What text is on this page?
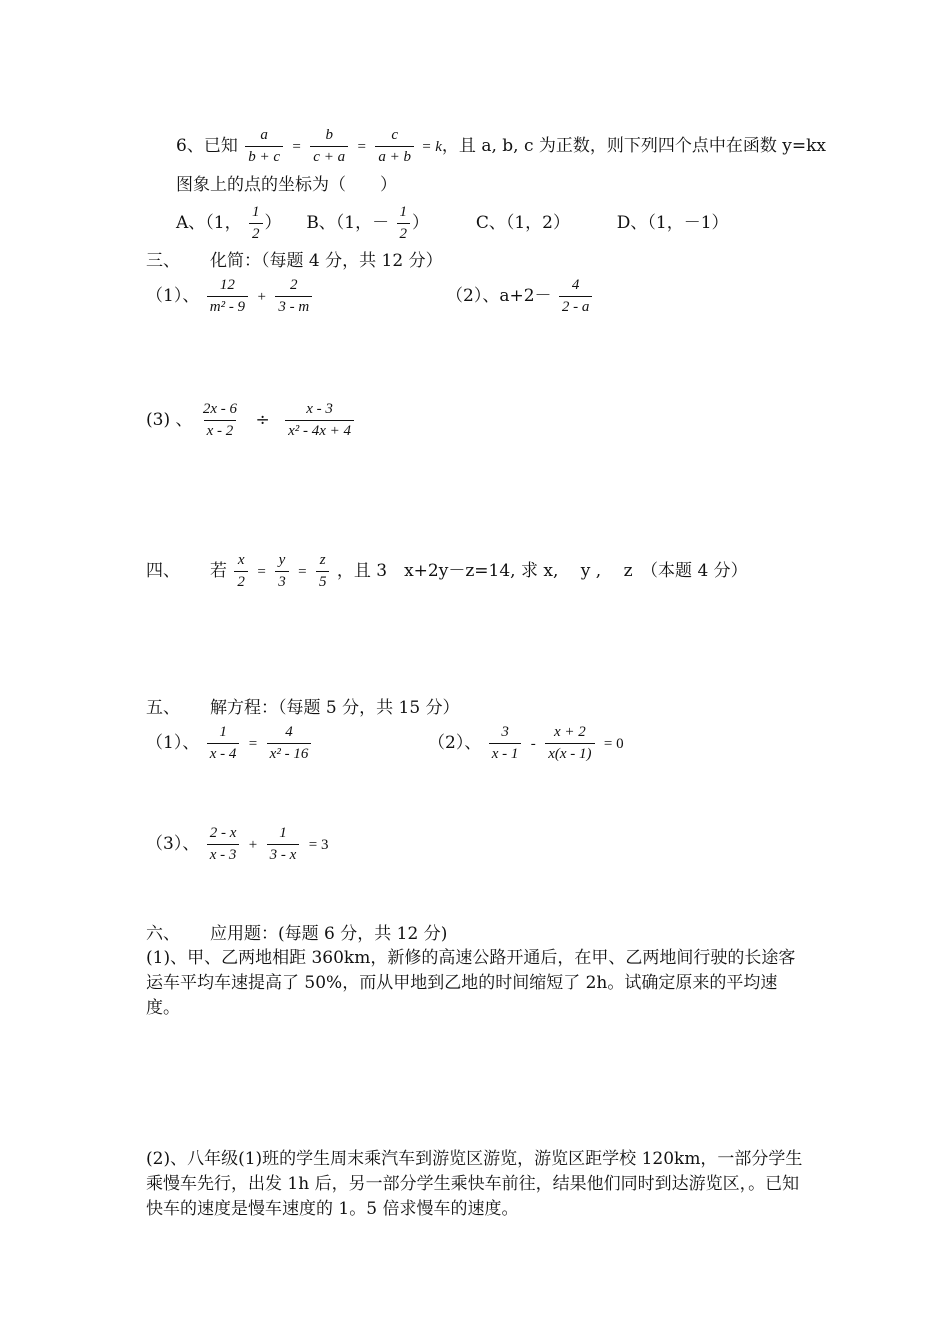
6、已知 $\frac{a}{b + c} = \frac{b}{c + a} = \frac{c}{a + b} = k$，且 a, b, c 为正数，则下列四个点中在函数 y=kx
图象上的点的坐标为（　　）
A、（1， $\frac{1}{2}$ ） B、（1，－ $\frac{1}{2}$ ）	C、（1，2）	D、（1，－1）
三、 化简：（每题 4 分，共 12 分）
（1）、 $\frac{12}{\text{m² - 9}} + \frac{2}{3 - m}$	（2）、$a+2- \frac{4}{2 - a}$
(3) 、 $\frac{2x - 6}{x - 2} \div \frac{x - 3}{\text{x² - 4x + 4}}$
四、 若 $\frac{x}{2} = \frac{y}{3} = \frac{z}{5}$ ，且 3　x+2y－z=14, 求 x,　 y ,　 z　（本题 4 分）
五、 解方程：（每题 5 分，共 15 分）
（1）、 $\frac{1}{x - 4} = \frac{4}{\text{x² - 16}}$	（2）、 $\frac{3}{x - 1} - \frac{x + 2}{x(x - 1)} = 0$
（3）、 $\frac{2 - x}{x - 3} + \frac{1}{3 - x} = 3$
六、 应用题：(每题 6 分，共 12 分)
(1)、甲、乙两地相距 360km，新修的高速公路开通后，在甲、乙两地间行驶的长途客运车平均车速提高了 50%，而从甲地到乙地的时间缩短了 2h。试确定原来的平均速度。
(2)、八年级(1)班的学生周末乘汽车到游览区游览，游览区距学校 120km，一部分学生乘慢车先行，出发 1h 后，另一部分学生乘快车前往，结果他们同时到达游览区，。已知快车的速度是慢车速度的 1。5 倍求慢车的速度。
